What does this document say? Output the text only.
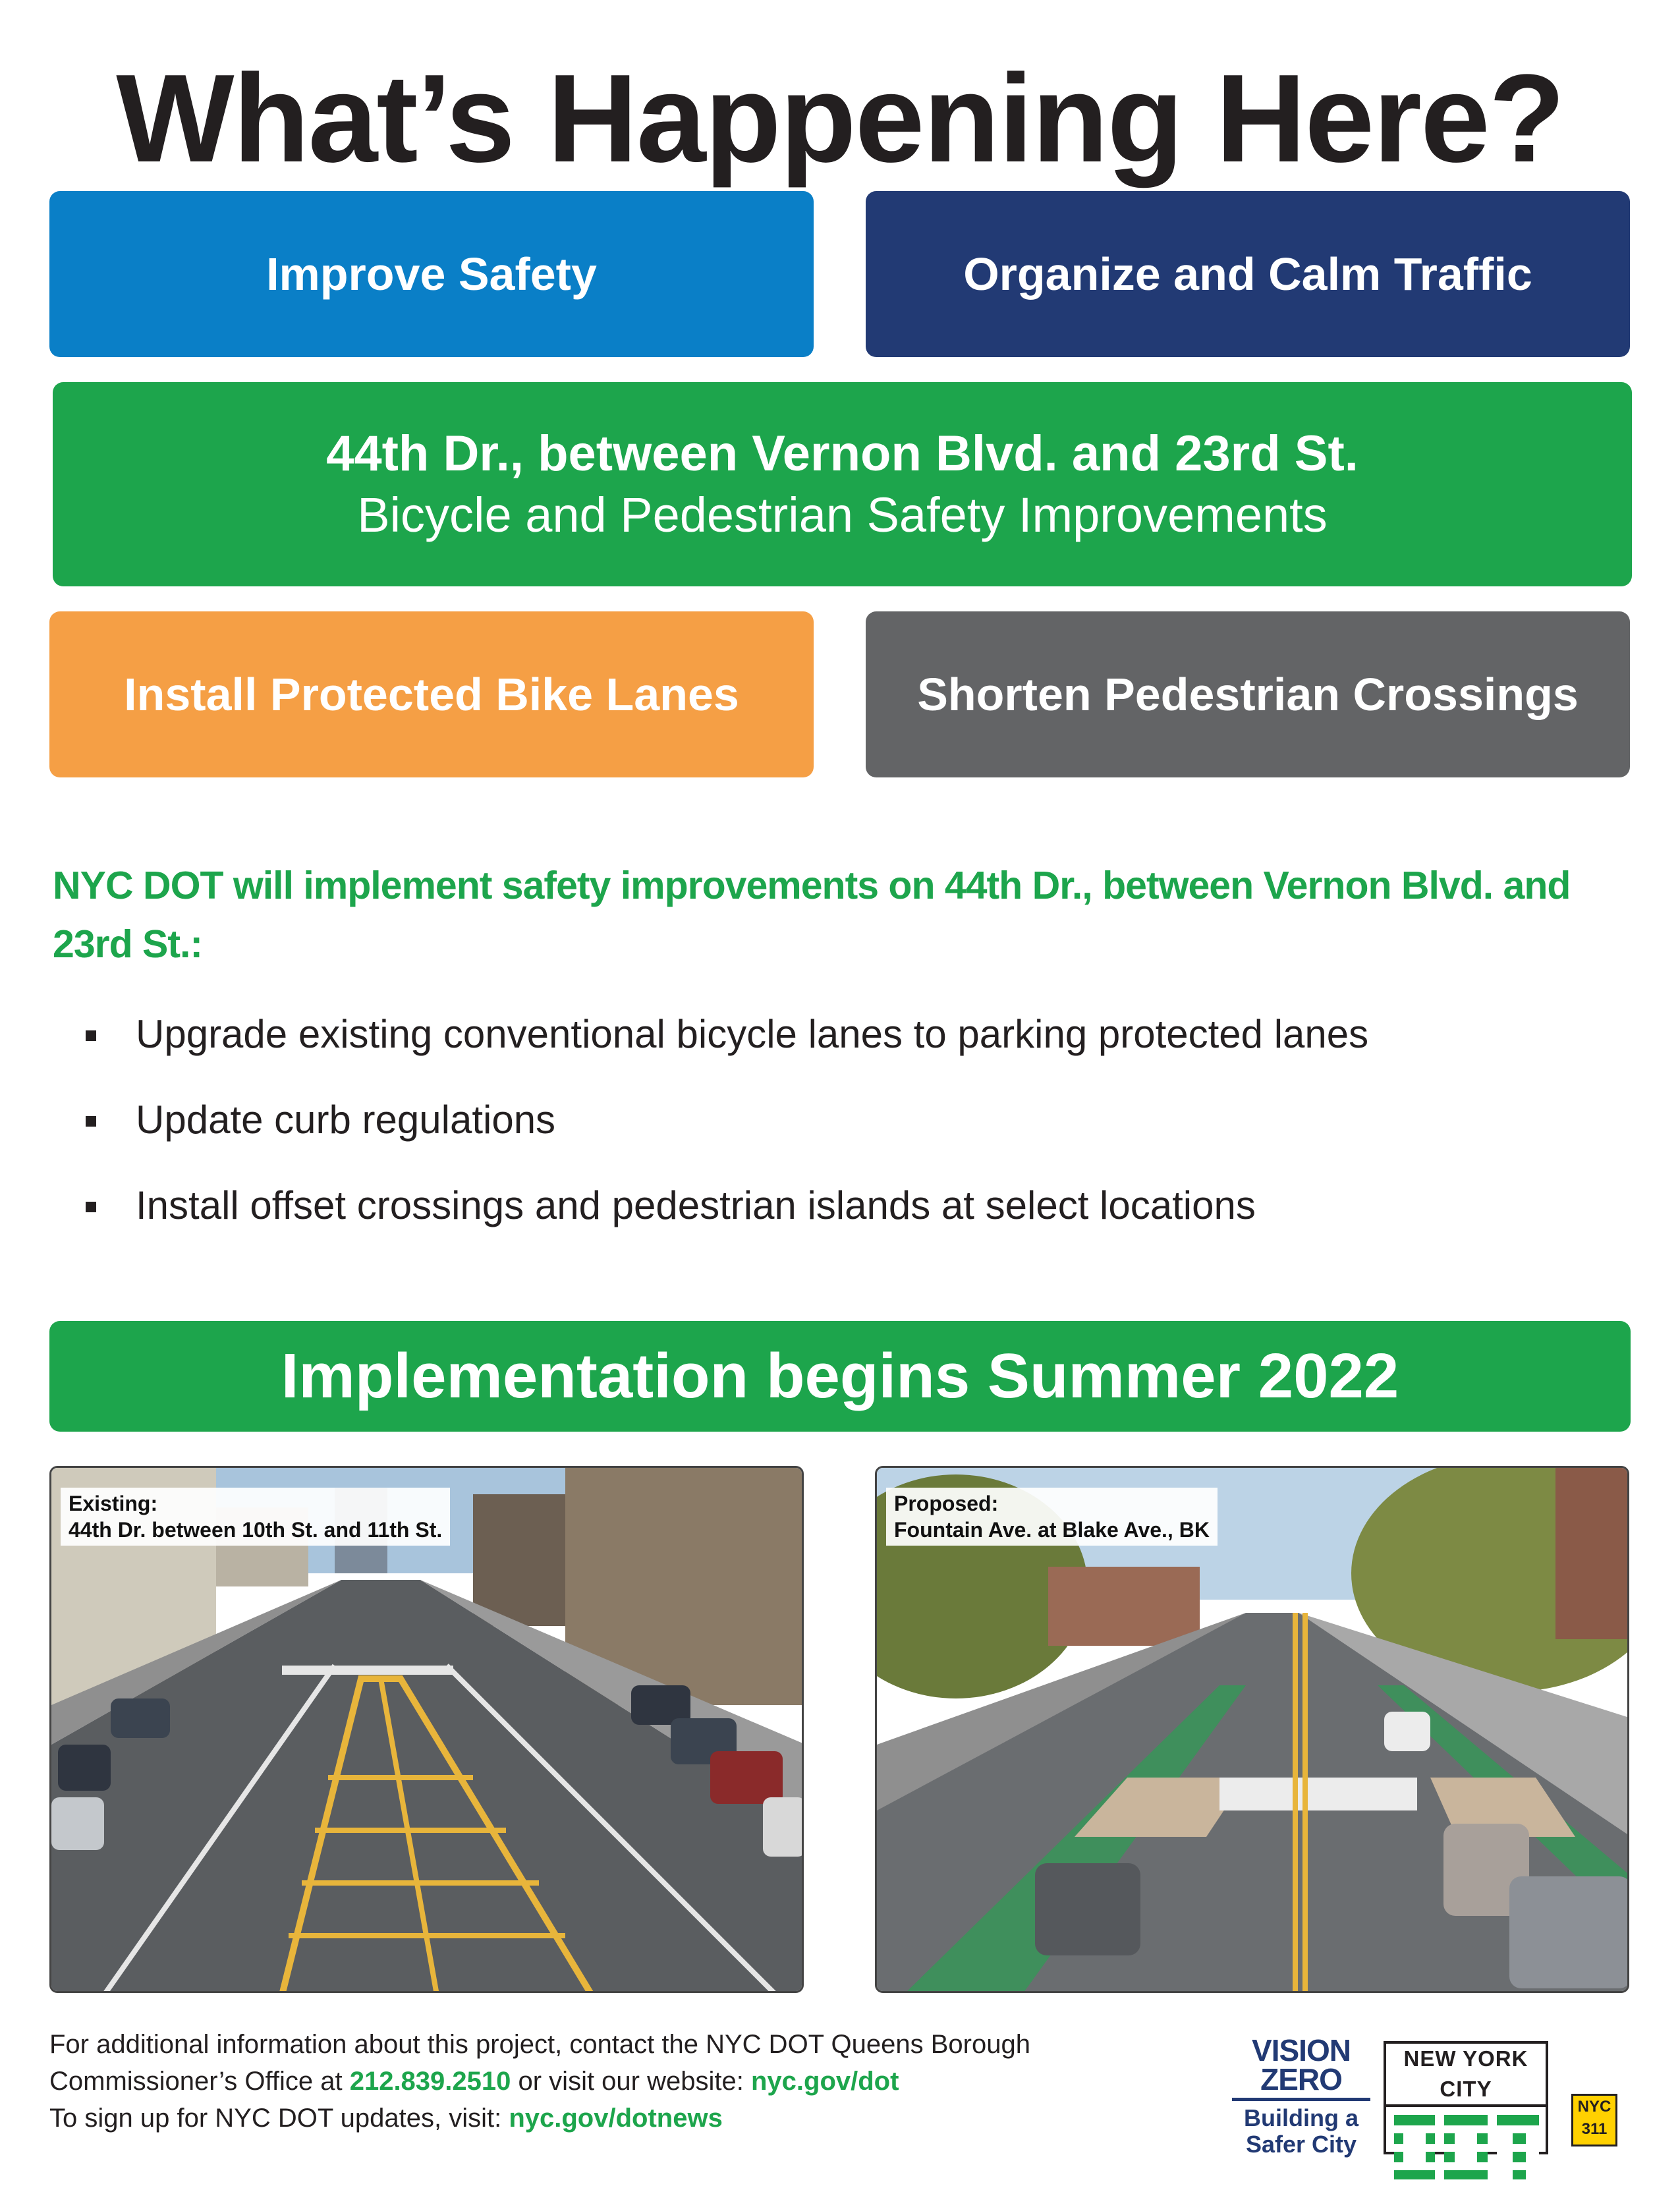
What’s Happening Here?
Improve Safety	Organize and Calm Traffic
44th Dr., between Vernon Blvd. and 23rd St.
Bicycle and Pedestrian Safety Improvements
Install Protected Bike Lanes	Shorten Pedestrian Crossings
NYC DOT will implement safety improvements on 44th Dr., between Vernon Blvd. and 23rd St.:
Upgrade existing conventional bicycle lanes to parking protected lanes
Update curb regulations
Install offset crossings and pedestrian islands at select locations
Implementation begins Summer 2022
Existing:
44th Dr. between 10th St. and 11th St.
Proposed:
Fountain Ave. at Blake Ave., BK
For additional information about this project, contact the NYC DOT Queens Borough
Commissioner’s Office at 212.839.2510 or visit our website: nyc.gov/dot
To sign up for NYC DOT updates, visit: nyc.gov/dotnews
VISION
ZERO
Building a
Safer City
NEW YORK CITY
NYC
311
